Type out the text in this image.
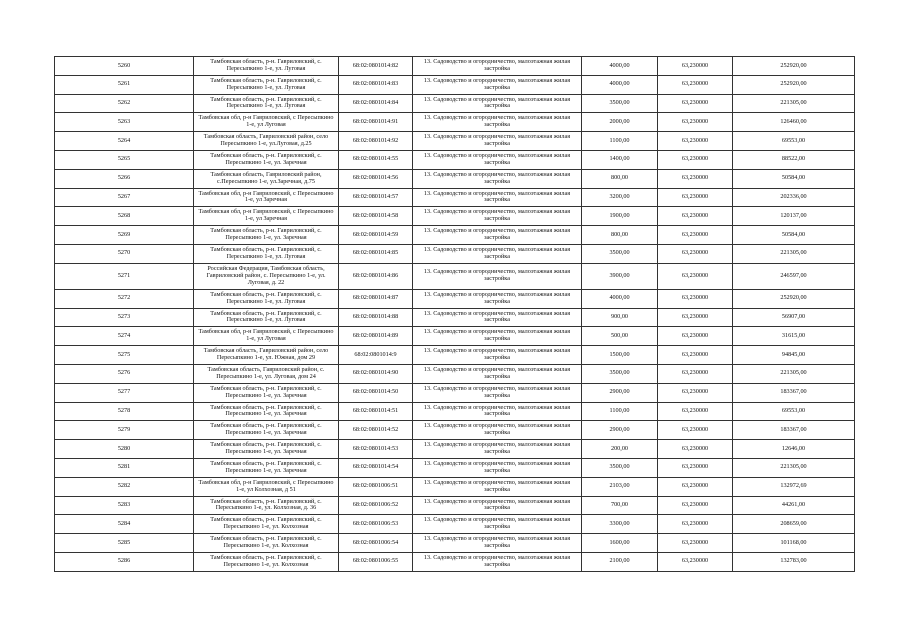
5260	Тамбовская область, р-н. Гавриловский, с. Пересыпкино 1-е, ул. Луговая	68:02:0801014:82	13. Садоводство и огородничество, малоэтажная жилая застройка	4000,00	63,230000	252920,00
5261	Тамбовская область, р-н. Гавриловский, с. Пересыпкино 1-е, ул. Луговая	68:02:0801014:83	13. Садоводство и огородничество, малоэтажная жилая застройка	4000,00	63,230000	252920,00
5262	Тамбовская область, р-н. Гавриловский, с. Пересыпкино 1-е, ул. Луговая	68:02:0801014:84	13. Садоводство и огородничество, малоэтажная жилая застройка	3500,00	63,230000	221305,00
5263	Тамбовская обл, р-н Гавриловский, с Пересыпкино 1-е, ул Луговая	68:02:0801014:91	13. Садоводство и огородничество, малоэтажная жилая застройка	2000,00	63,230000	126460,00
5264	Тамбовская область, Гавриловский район, село Пересыпкино 1-е, ул.Луговая, д.25	68:02:0801014:92	13. Садоводство и огородничество, малоэтажная жилая застройка	1100,00	63,230000	69553,00
5265	Тамбовская область, р-н. Гавриловский, с. Пересыпкино 1-е, ул. Заречная	68:02:0801014:55	13. Садоводство и огородничество, малоэтажная жилая застройка	1400,00	63,230000	88522,00
5266	Тамбовская область, Гавриловский район, с.Пересыпкино 1-е, ул.Заречная, д.75	68:02:0801014:56	13. Садоводство и огородничество, малоэтажная жилая застройка	800,00	63,230000	50584,00
5267	Тамбовская обл, р-н Гавриловский, с Пересыпкино 1-е, ул Заречная	68:02:0801014:57	13. Садоводство и огородничество, малоэтажная жилая застройка	3200,00	63,230000	202336,00
5268	Тамбовская обл, р-н Гавриловский, с Пересыпкино 1-е, ул Заречная	68:02:0801014:58	13. Садоводство и огородничество, малоэтажная жилая застройка	1900,00	63,230000	120137,00
5269	Тамбовская область, р-н. Гавриловский, с. Пересыпкино 1-е, ул. Заречная	68:02:0801014:59	13. Садоводство и огородничество, малоэтажная жилая застройка	800,00	63,230000	50584,00
5270	Тамбовская область, р-н. Гавриловский, с. Пересыпкино 1-е, ул. Луговая	68:02:0801014:85	13. Садоводство и огородничество, малоэтажная жилая застройка	3500,00	63,230000	221305,00
5271	Российская Федерация, Тамбовская область, Гавриловский район, с. Пересыпкино 1-е, ул. Луговая, д. 22	68:02:0801014:86	13. Садоводство и огородничество, малоэтажная жилая застройка	3900,00	63,230000	246597,00
5272	Тамбовская область, р-н. Гавриловский, с. Пересыпкино 1-е, ул. Луговая	68:02:0801014:87	13. Садоводство и огородничество, малоэтажная жилая застройка	4000,00	63,230000	252920,00
5273	Тамбовская область, р-н. Гавриловский, с. Пересыпкино 1-е, ул. Луговая	68:02:0801014:88	13. Садоводство и огородничество, малоэтажная жилая застройка	900,00	63,230000	56907,00
5274	Тамбовская обл, р-н Гавриловский, с Пересыпкино 1-е, ул Луговая	68:02:0801014:89	13. Садоводство и огородничество, малоэтажная жилая застройка	500,00	63,230000	31615,00
5275	Тамбовская область, Гавриловский район, село Пересыпкино 1-е, ул. Южная, дом 29	68:02:0801014:9	13. Садоводство и огородничество, малоэтажная жилая застройка	1500,00	63,230000	94845,00
5276	Тамбовская область, Гавриловский район, с. Пересыпкино 1-е, ул. Луговая, дом 24	68:02:0801014:90	13. Садоводство и огородничество, малоэтажная жилая застройка	3500,00	63,230000	221305,00
5277	Тамбовская область, р-н. Гавриловский, с. Пересыпкино 1-е, ул. Заречная	68:02:0801014:50	13. Садоводство и огородничество, малоэтажная жилая застройка	2900,00	63,230000	183367,00
5278	Тамбовская область, р-н. Гавриловский, с. Пересыпкино 1-е, ул. Заречная	68:02:0801014:51	13. Садоводство и огородничество, малоэтажная жилая застройка	1100,00	63,230000	69553,00
5279	Тамбовская область, р-н. Гавриловский, с. Пересыпкино 1-е, ул. Заречная	68:02:0801014:52	13. Садоводство и огородничество, малоэтажная жилая застройка	2900,00	63,230000	183367,00
5280	Тамбовская область, р-н. Гавриловский, с. Пересыпкино 1-е, ул. Заречная	68:02:0801014:53	13. Садоводство и огородничество, малоэтажная жилая застройка	200,00	63,230000	12646,00
5281	Тамбовская область, р-н. Гавриловский, с. Пересыпкино 1-е, ул. Заречная	68:02:0801014:54	13. Садоводство и огородничество, малоэтажная жилая застройка	3500,00	63,230000	221305,00
5282	Тамбовская обл, р-н Гавриловский, с Пересыпкино 1-е, ул Колхозная, д 51	68:02:0801006:51	13. Садоводство и огородничество, малоэтажная жилая застройка	2103,00	63,230000	132972,69
5283	Тамбовская область, р-н. Гавриловский, с. Пересыпкино 1-е, ул. Колхозная, д. 36	68:02:0801006:52	13. Садоводство и огородничество, малоэтажная жилая застройка	700,00	63,230000	44261,00
5284	Тамбовская область, р-н. Гавриловский, с. Пересыпкино 1-е, ул. Колхозная	68:02:0801006:53	13. Садоводство и огородничество, малоэтажная жилая застройка	3300,00	63,230000	208659,00
5285	Тамбовская область, р-н. Гавриловский, с. Пересыпкино 1-е, ул. Колхозная	68:02:0801006:54	13. Садоводство и огородничество, малоэтажная жилая застройка	1600,00	63,230000	101168,00
5286	Тамбовская область, р-н. Гавриловский, с. Пересыпкино 1-е, ул. Колхозная	68:02:0801006:55	13. Садоводство и огородничество, малоэтажная жилая застройка	2100,00	63,230000	132783,00
